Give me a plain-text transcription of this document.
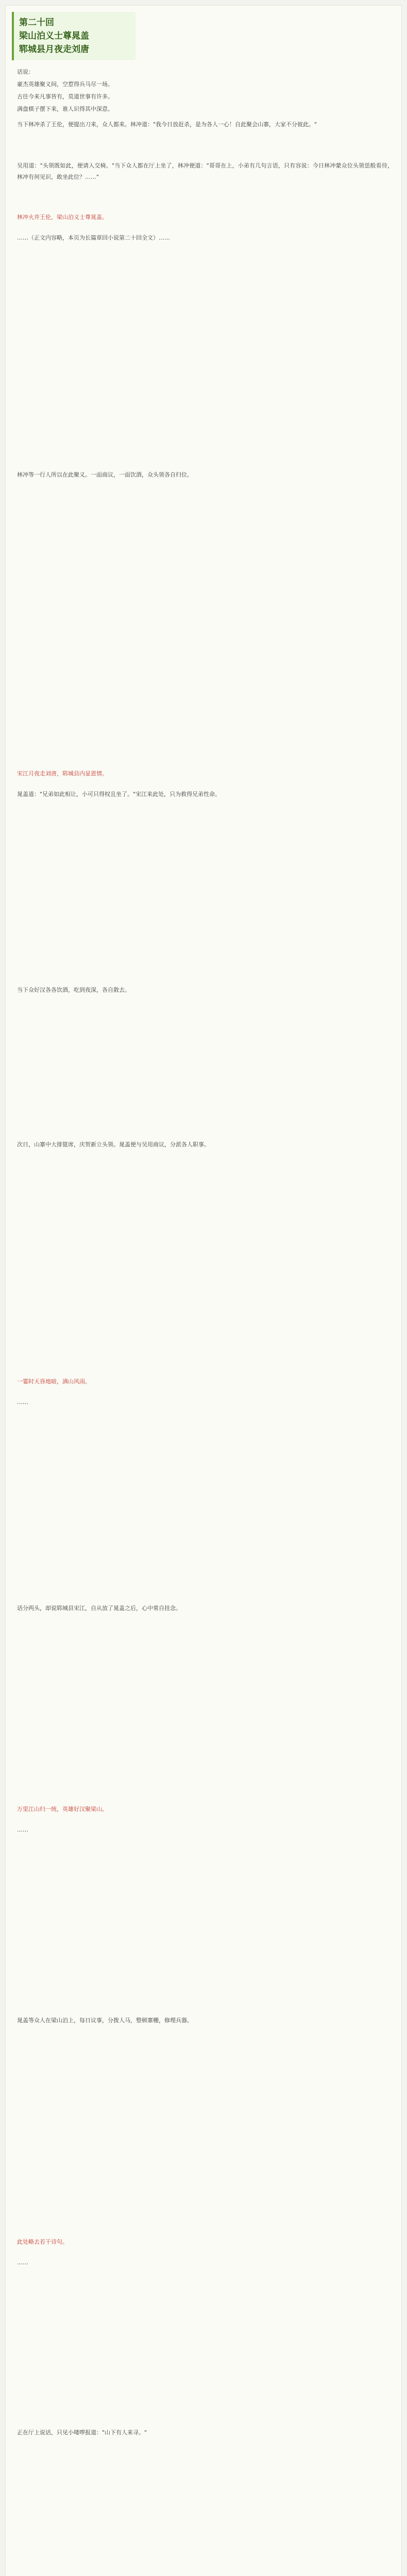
第二十回
梁山泊义士尊晁盖
郓城县月夜走刘唐
话说：
豪杰英雄聚义间，空惹得兵马尽一场。
古往今来凡事皆有，莫道世事有许多。
满盘棋子摆下来，谁人识得其中深意。
当下林冲杀了王伦，便提出刀来，众人都来。林冲道："我今日放赶杀，是为各人一心！自此聚会山寨，大家不分彼此。"
吴用道："头领既如此，便请入交椅。"当下众人都在厅上坐了，林冲便道："哥哥在上，小弟有几句言语，只有容说：今日林冲蒙众位头领恁般看待，林冲有何见识，敢坐此位？……"
林冲火并王伦，梁山泊义士尊晁盖。
……（正文内容略，本页为长篇章回小说第二十回全文）……
林冲等一行人所以在此聚义。一面商议，一面饮酒，众头领各自归位。
宋江月夜走刘唐，郓城县内显恩情。
晁盖道："兄弟如此相让，小可只得权且坐了。"宋江来此处，只为救得兄弟性命。
当下众好汉各各饮酒，吃到夜深，各自散去。
次日，山寨中大排筵席，庆贺新立头领。晁盖便与吴用商议，分派各人职事。
一霎时天昏地暗，满山风雨。
……
话分两头，却说郓城县宋江，自从放了晁盖之后，心中常自挂念。
万里江山归一统，英雄好汉聚梁山。
……
晁盖等众人在梁山泊上，每日议事，分拨人马，整顿寨栅，修理兵器。
此处略去若干诗句。
……
正在厅上说话，只见小喽啰报道："山下有人来寻。"
